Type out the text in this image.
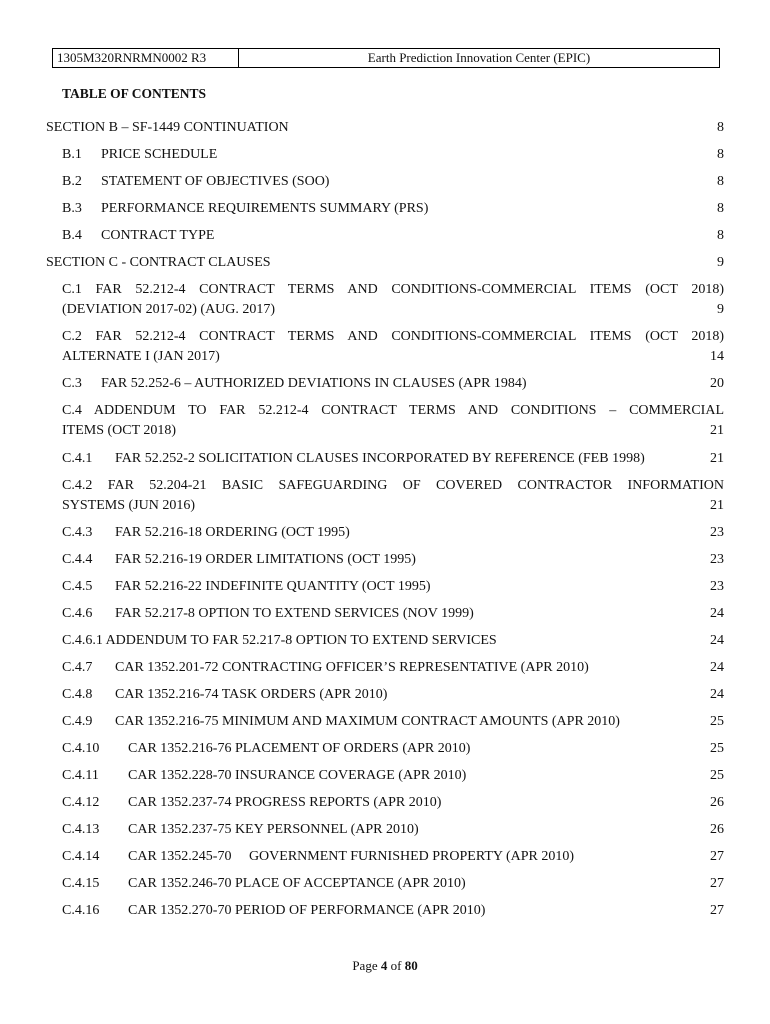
1305M320RNRMN0002 R3	Earth Prediction Innovation Center (EPIC)
TABLE OF CONTENTS
SECTION B – SF-1449 CONTINUATION	8
B.1 PRICE SCHEDULE	8
B.2 STATEMENT OF OBJECTIVES (SOO)	8
B.3 PERFORMANCE REQUIREMENTS SUMMARY (PRS)	8
B.4 CONTRACT TYPE	8
SECTION C - CONTRACT CLAUSES	9
C.1 FAR 52.212-4 CONTRACT TERMS AND CONDITIONS-COMMERCIAL ITEMS (OCT 2018)
(DEVIATION 2017-02) (AUG. 2017)	9
C.2 FAR 52.212-4 CONTRACT TERMS AND CONDITIONS-COMMERCIAL ITEMS (OCT 2018)
ALTERNATE I (JAN 2017)	14
C.3 FAR 52.252-6 – AUTHORIZED DEVIATIONS IN CLAUSES (APR 1984)	20
C.4 ADDENDUM TO FAR 52.212-4 CONTRACT TERMS AND CONDITIONS – COMMERCIAL
ITEMS (OCT 2018)	21
C.4.1 FAR 52.252-2 SOLICITATION CLAUSES INCORPORATED BY REFERENCE (FEB 1998)	21
C.4.2 FAR 52.204-21 BASIC SAFEGUARDING OF COVERED CONTRACTOR INFORMATION
SYSTEMS (JUN 2016)	21
C.4.3 FAR 52.216-18 ORDERING (OCT 1995)	23
C.4.4 FAR 52.216-19 ORDER LIMITATIONS (OCT 1995)	23
C.4.5 FAR 52.216-22 INDEFINITE QUANTITY (OCT 1995)	23
C.4.6 FAR 52.217-8 OPTION TO EXTEND SERVICES (NOV 1999)	24
C.4.6.1 ADDENDUM TO FAR 52.217-8 OPTION TO EXTEND SERVICES	24
C.4.7 CAR 1352.201-72 CONTRACTING OFFICER’S REPRESENTATIVE (APR 2010)	24
C.4.8 CAR 1352.216-74 TASK ORDERS (APR 2010)	24
C.4.9 CAR 1352.216-75 MINIMUM AND MAXIMUM CONTRACT AMOUNTS (APR 2010)	25
C.4.10 CAR 1352.216-76 PLACEMENT OF ORDERS (APR 2010)	25
C.4.11 CAR 1352.228-70 INSURANCE COVERAGE (APR 2010)	25
C.4.12 CAR 1352.237-74 PROGRESS REPORTS (APR 2010)	26
C.4.13 CAR 1352.237-75 KEY PERSONNEL (APR 2010)	26
C.4.14 CAR 1352.245-70     GOVERNMENT FURNISHED PROPERTY (APR 2010)	27
C.4.15 CAR 1352.246-70 PLACE OF ACCEPTANCE (APR 2010)	27
C.4.16 CAR 1352.270-70 PERIOD OF PERFORMANCE (APR 2010)	27
Page 4 of 80
